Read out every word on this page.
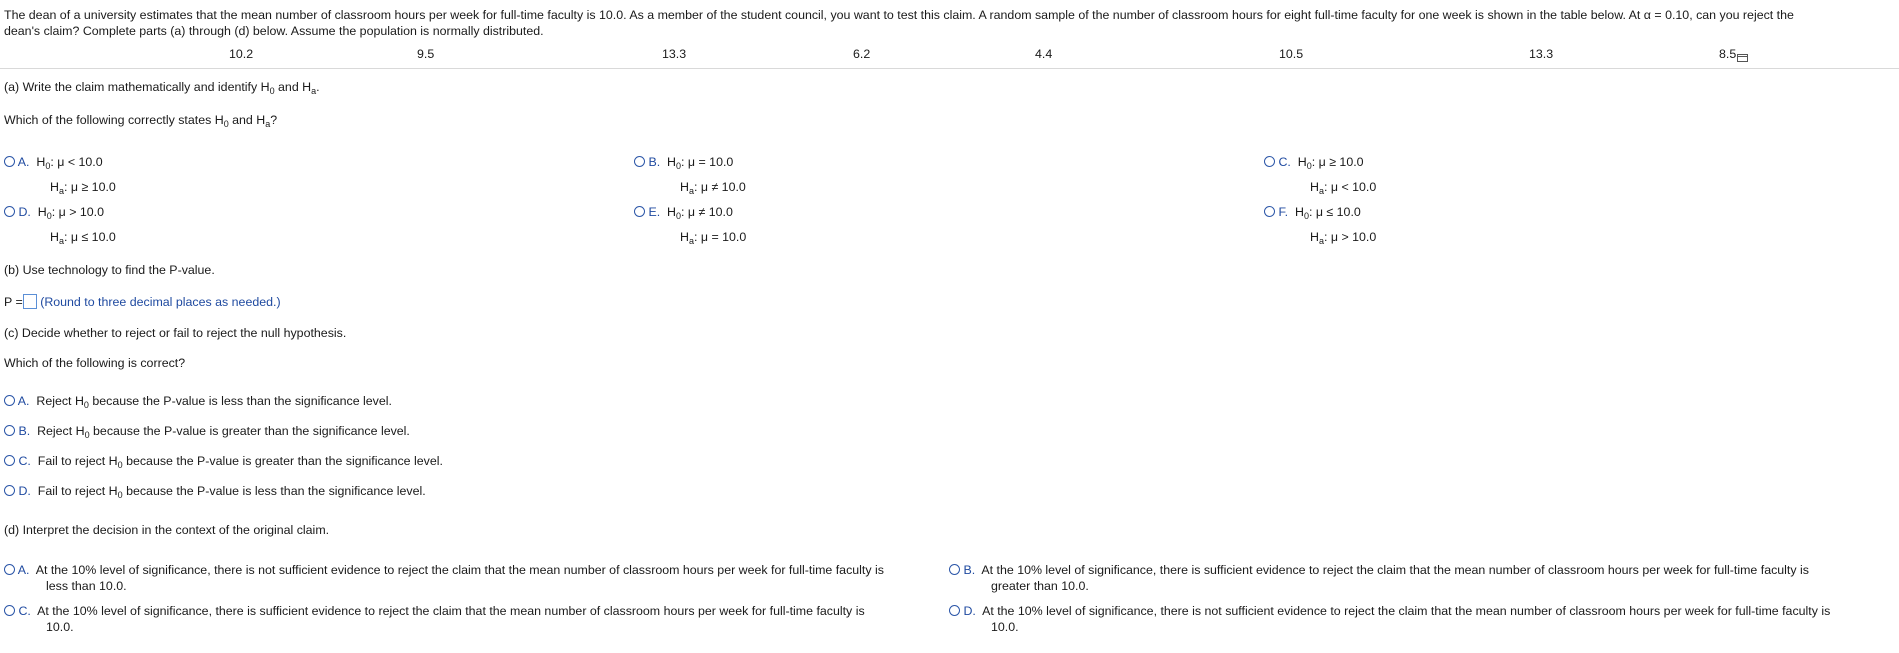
The dean of a university estimates that the mean number of classroom hours per week for full-time faculty is 10.0. As a member of the student council, you want to test this claim. A random sample of the number of classroom hours for eight full-time faculty for one week is shown in the table below. At α = 0.10, can you reject the
dean's claim? Complete parts (a) through (d) below. Assume the population is normally distributed.
10.2	9.5	13.3	6.2	4.4	10.5	13.3	8.5
(a) Write the claim mathematically and identify $H_0$ and $H_a$.
Which of the following correctly states $H_0$ and $H_a$?
A.  $H_0$: μ < 10.0
$H_a$: μ ≥ 10.0
B.  $H_0$: μ = 10.0
$H_a$: μ ≠ 10.0
C.  $H_0$: μ ≥ 10.0
$H_a$: μ < 10.0
D.  $H_0$: μ > 10.0
$H_a$: μ ≤ 10.0
E.  $H_0$: μ ≠ 10.0
$H_a$: μ = 10.0
F.  $H_0$: μ ≤ 10.0
$H_a$: μ > 10.0
(b) Use technology to find the P-value.
P = (Round to three decimal places as needed.)
(c) Decide whether to reject or fail to reject the null hypothesis.
Which of the following is correct?
A. Reject $H_0$ because the P-value is less than the significance level.
B. Reject $H_0$ because the P-value is greater than the significance level.
C. Fail to reject $H_0$ because the P-value is greater than the significance level.
D. Fail to reject $H_0$ because the P-value is less than the significance level.
(d) Interpret the decision in the context of the original claim.
A. At the 10% level of significance, there is not sufficient evidence to reject the claim that the mean number of classroom hours per week for full-time faculty is
less than 10.0.
B. At the 10% level of significance, there is sufficient evidence to reject the claim that the mean number of classroom hours per week for full-time faculty is
greater than 10.0.
C. At the 10% level of significance, there is sufficient evidence to reject the claim that the mean number of classroom hours per week for full-time faculty is
10.0.
D. At the 10% level of significance, there is not sufficient evidence to reject the claim that the mean number of classroom hours per week for full-time faculty is
10.0.
